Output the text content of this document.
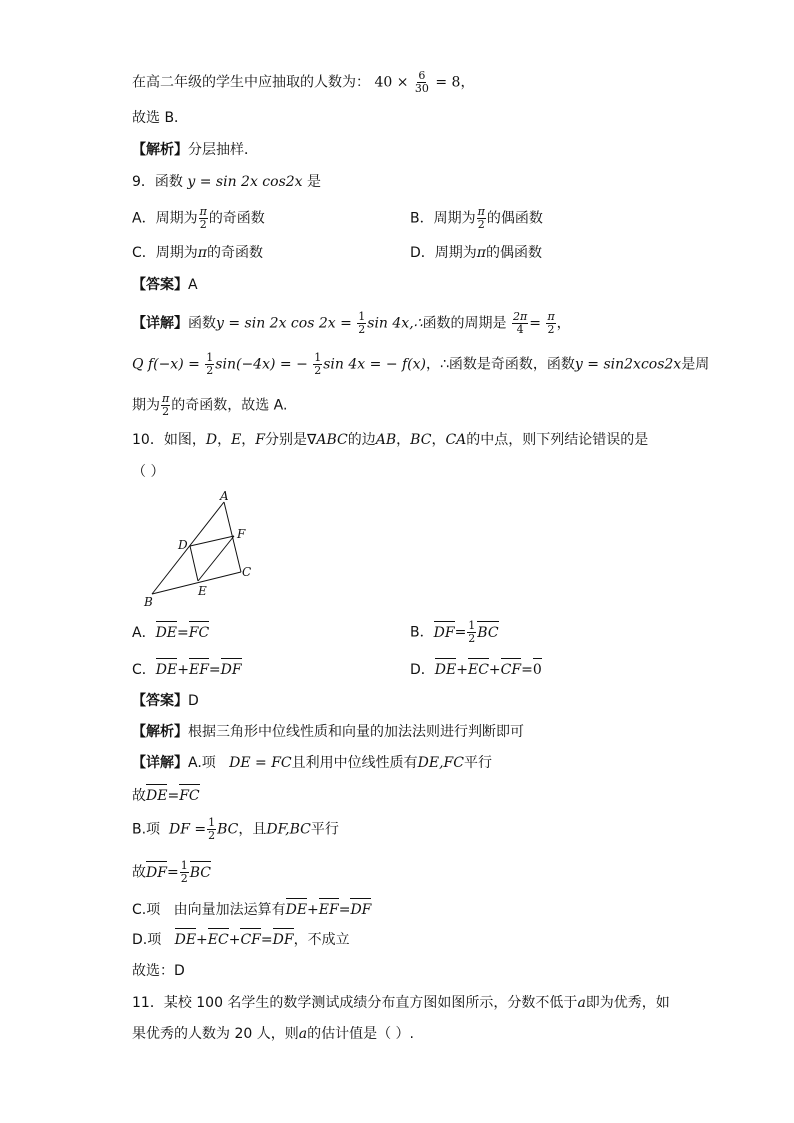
在高二年级的学生中应抽取的人数为： $40 \times \frac{6}{30} = 8$，
故选 B．
【解析】分层抽样．
9．函数 y = sin 2x cos2x 是
A．周期为 $\frac{\pi}{2}$ 的奇函数	B．周期为 $\frac{\pi}{2}$ 的偶函数
C．周期为π的奇函数	D．周期为π的偶函数
【答案】A
【详解】函数y = sin 2x $\cos 2x = \frac{1}{2}$ sin 4x,∴函数的周期是 $\frac{2\pi}{4} = \frac{\pi}{2}$ ，
Q $f(-x) = \frac{1}{2} \sin(-4x)$ = − $\frac{1}{2}$ sin 4x = − f(x)，∴函数是奇函数，函数y = sin2xcos2x是周
期为 $\frac{\pi}{2}$ 的奇函数，故选 A.
10．如图，D，E，F分别是∇ABC的边AB，BC，CA的中点，则下列结论错误的是
（ ）
A
B
C
D
E
F
A．DE=FC	B．$DF= \frac{1}{2}$ BC
C．DE+EF=DF	D．DE+EC+CF=0
【答案】D
【解析】根据三角形中位线性质和向量的加法法则进行判断即可
【详解】A.项 DE = FC且利用中位线性质有DE,FC平行
故DE=FC
B.项 DF = $\frac{1}{2}$ BC，且DF,BC平行
故$DF= \frac{1}{2}$ BC
C.项 由向量加法运算有DE+EF=DF
D.项 DE+EC+CF=DF，不成立
故选：D
11．某校 100 名学生的数学测试成绩分布直方图如图所示，分数不低于a即为优秀，如
果优秀的人数为 20 人，则a的估计值是（ ）.
